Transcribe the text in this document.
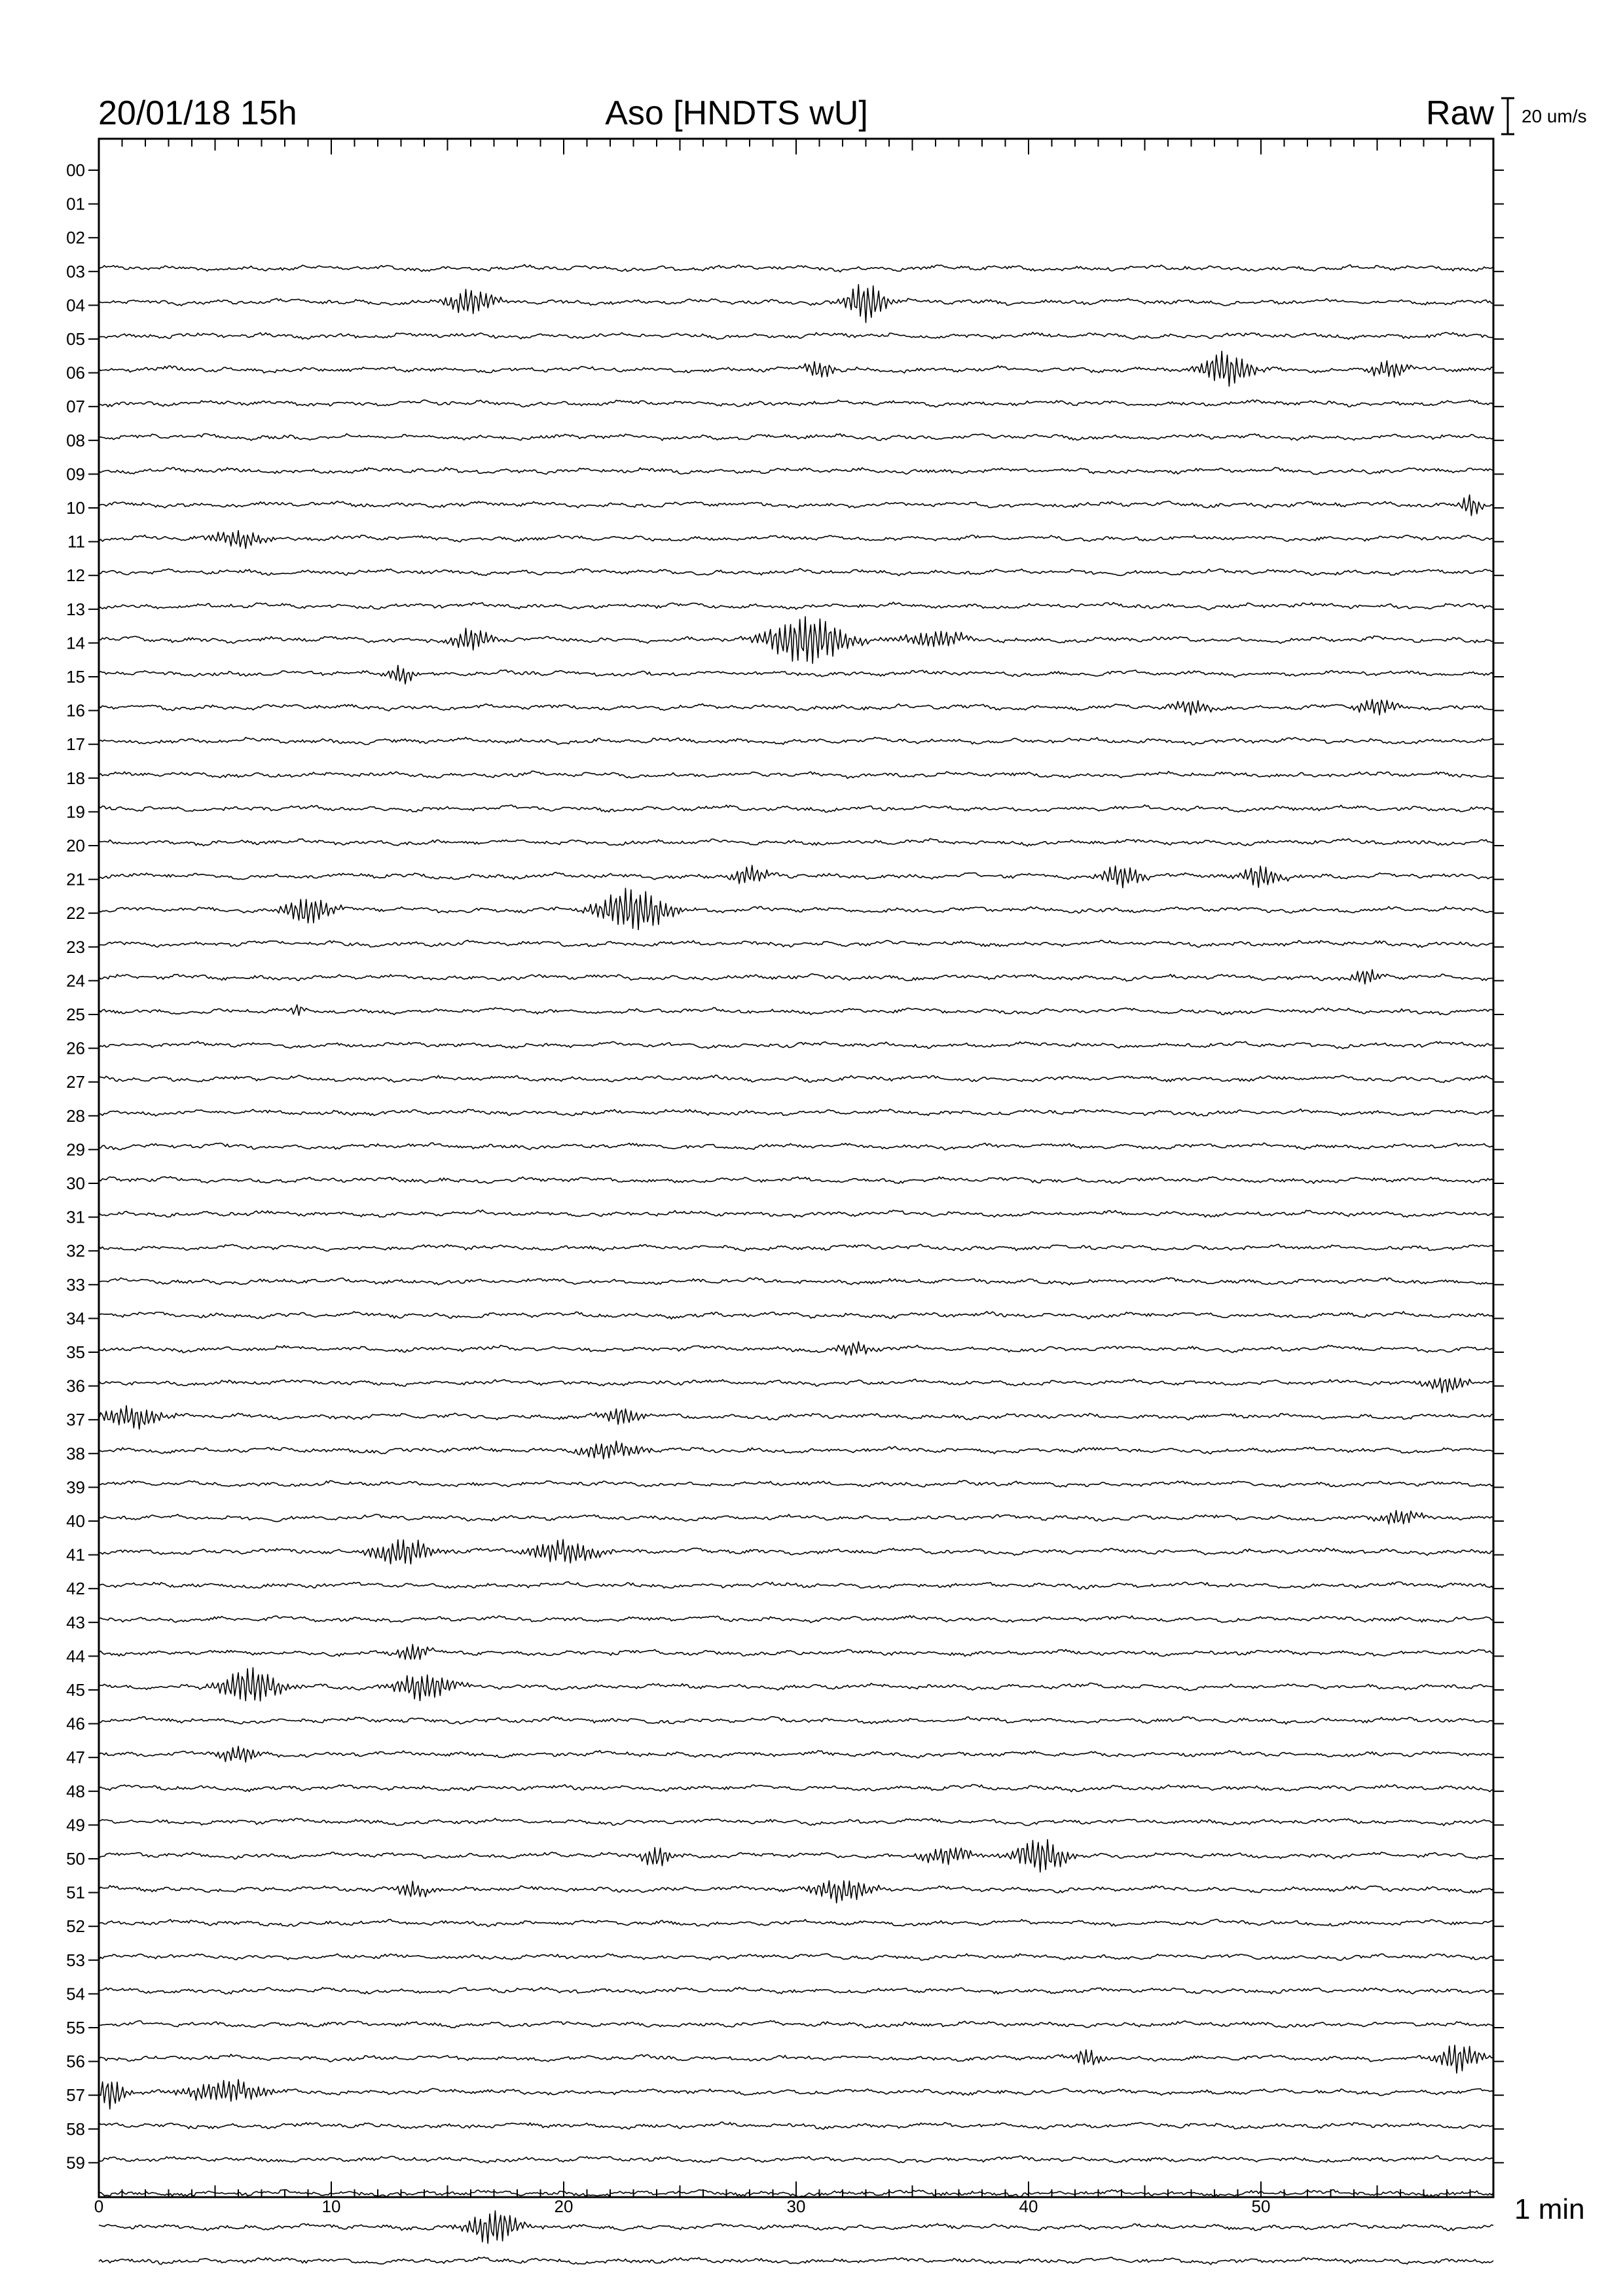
20/01/18 15h	Aso [HNDTS wU]	Raw 20 um/s
00
01
02
03
04
05
06
07
08
09
10
11
12
13
14
15
16
17
18
19
20
21
22
23
24
25
26
27
28
29
30
31
32
33
34
35
36
37
38
39
40
41
42
43
44
45
46
47
48
49
50
51
52
53
54
55
56
57
58
59
0	10	20	30	40	50	1 min
